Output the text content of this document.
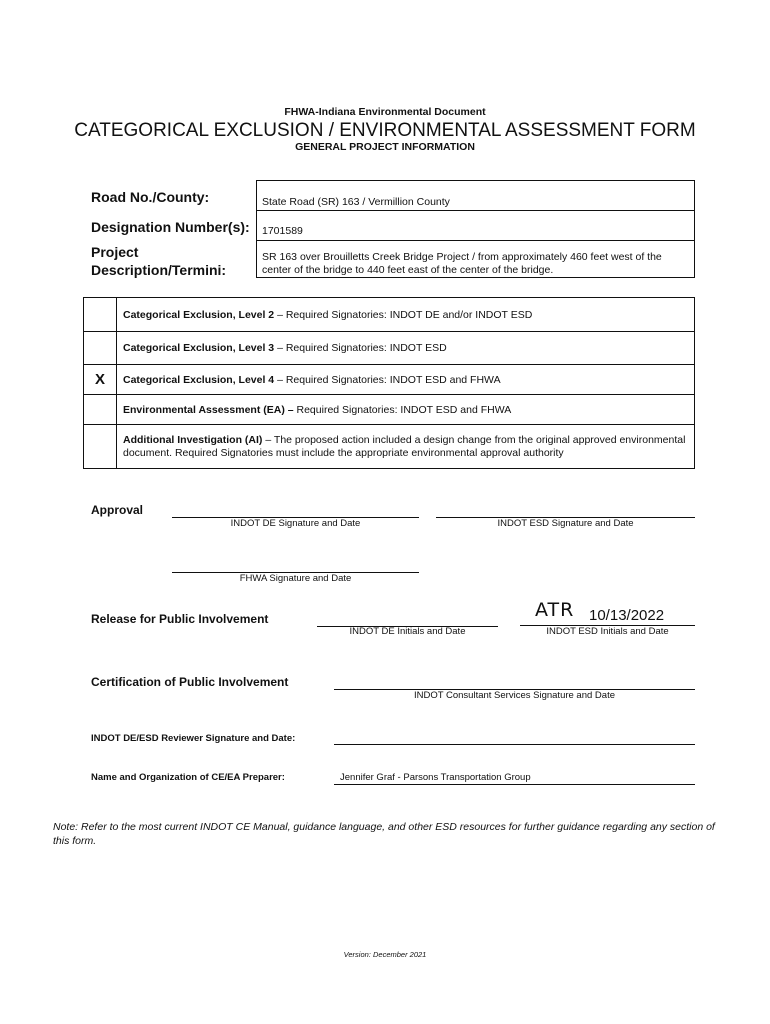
FHWA-Indiana Environmental Document
CATEGORICAL EXCLUSION / ENVIRONMENTAL ASSESSMENT FORM
GENERAL PROJECT INFORMATION
Road No./County:	State Road (SR) 163 / Vermillion County
Designation Number(s): 1701589
Project
Description/Termini:
SR 163 over Brouilletts Creek Bridge Project / from approximately 460 feet west of the center of the bridge to 440 feet east of the center of the bridge.
	Categorical Exclusion, Level 2 – Required Signatories: INDOT DE and/or INDOT ESD
	Categorical Exclusion, Level 3 – Required Signatories: INDOT ESD
X	Categorical Exclusion, Level 4 – Required Signatories: INDOT ESD and FHWA
	Environmental Assessment (EA) – Required Signatories: INDOT ESD and FHWA
	Additional Investigation (AI) – The proposed action included a design change from the original approved environmental document. Required Signatories must include the appropriate environmental approval authority
Approval
INDOT DE Signature and Date	INDOT ESD Signature and Date
FHWA Signature and Date
Release for Public Involvement
INDOT DE Initials and Date
ATR 10/13/2022
INDOT ESD Initials and Date
Certification of Public Involvement
INDOT Consultant Services Signature and Date
INDOT DE/ESD Reviewer Signature and Date:
Name and Organization of CE/EA Preparer:	Jennifer Graf - Parsons Transportation Group
Note: Refer to the most current INDOT CE Manual, guidance language, and other ESD resources for further guidance regarding any section of this form.
Version: December 2021
